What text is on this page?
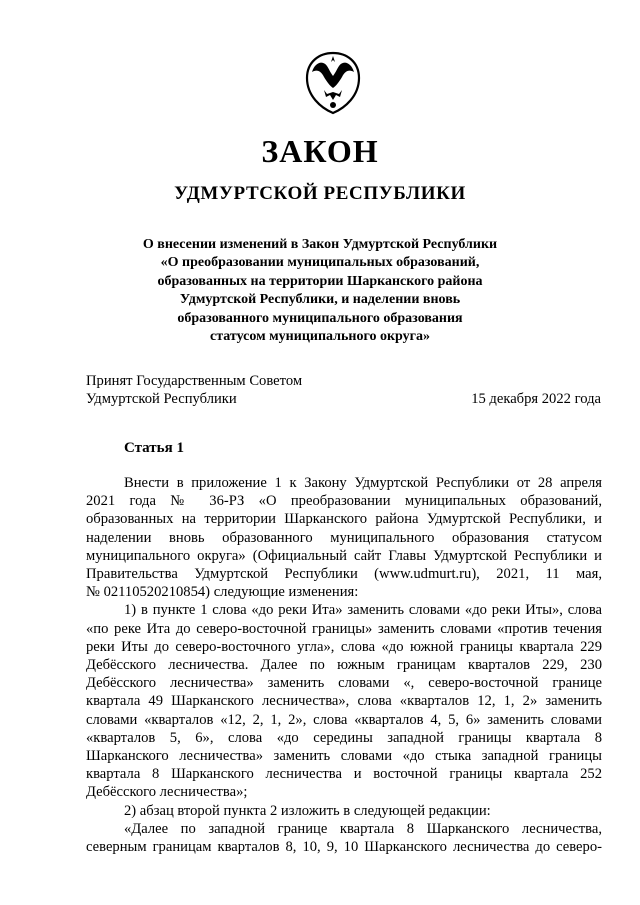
ЗАКОН
УДМУРТСКОЙ РЕСПУБЛИКИ
О внесении изменений в Закон Удмуртской Республики
«О преобразовании муниципальных образований,
образованных на территории Шарканского района
Удмуртской Республики, и наделении вновь
образованного муниципального образования
статусом муниципального округа»
Принят Государственным Советом
Удмуртской Республики	15 декабря 2022 года
Статья 1
Внести в приложение 1 к Закону Удмуртской Республики от 28 апреля
2021 года № 36-РЗ «О преобразовании муниципальных образований,
образованных на территории Шарканского района Удмуртской Республики, и
наделении вновь образованного муниципального образования статусом
муниципального округа» (Официальный сайт Главы Удмуртской Республики и
Правительства Удмуртской Республики (www.udmurt.ru), 2021, 11 мая,
№ 02110520210854) следующие изменения:
1) в пункте 1 слова «до реки Ита» заменить словами «до реки Иты», слова
«по реке Ита до северо-восточной границы» заменить словами «против течения
реки Иты до северо-восточного угла», слова «до южной границы квартала 229
Дебёсского лесничества. Далее по южным границам кварталов 229, 230
Дебёсского лесничества» заменить словами «, северо-восточной границе
квартала 49 Шарканского лесничества», слова «кварталов 12, 1, 2» заменить
словами «кварталов «12, 2, 1, 2», слова «кварталов 4, 5, 6» заменить словами
«кварталов 5, 6», слова «до середины западной границы квартала 8
Шарканского лесничества» заменить словами «до стыка западной границы
квартала 8 Шарканского лесничества и восточной границы квартала 252
Дебёсского лесничества»;
2) абзац второй пункта 2 изложить в следующей редакции:
«Далее по западной границе квартала 8 Шарканского лесничества,
северным границам кварталов 8, 10, 9, 10 Шарканского лесничества до северо-
